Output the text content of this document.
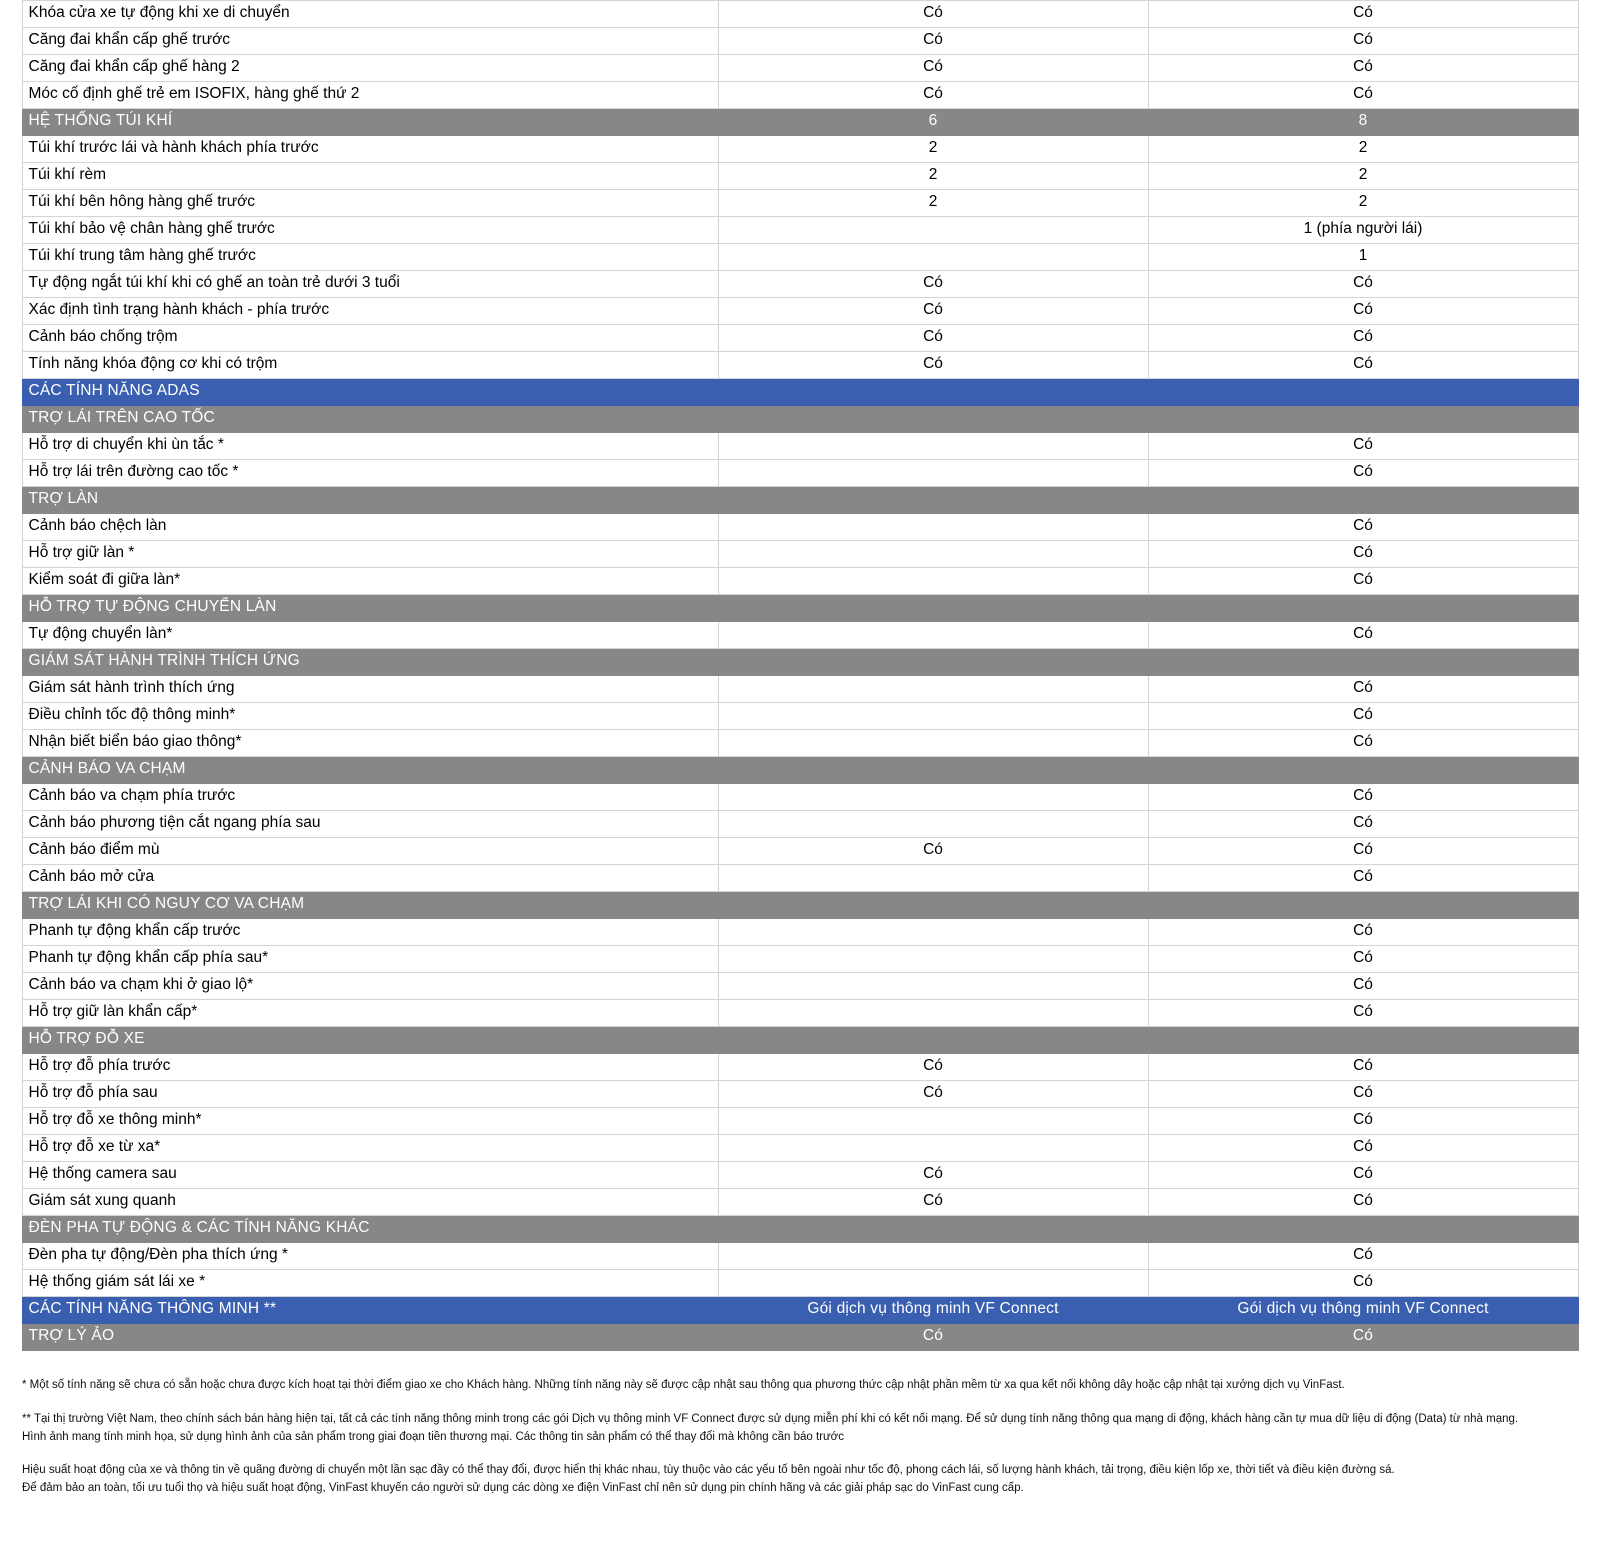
Khóa cửa xe tự động khi xe di chuyển	Có	Có
Căng đai khẩn cấp ghế trước	Có	Có
Căng đai khẩn cấp ghế hàng 2	Có	Có
Móc cố định ghế trẻ em ISOFIX, hàng ghế thứ 2	Có	Có
HỆ THỐNG TÚI KHÍ	6	8
Túi khí trước lái và hành khách phía trước	2	2
Túi khí rèm	2	2
Túi khí bên hông hàng ghế trước	2	2
Túi khí bảo vệ chân hàng ghế trước		1 (phía người lái)
Túi khí trung tâm hàng ghế trước		1
Tự động ngắt túi khí khi có ghế an toàn trẻ dưới 3 tuổi	Có	Có
Xác định tình trạng hành khách - phía trước	Có	Có
Cảnh báo chống trộm	Có	Có
Tính năng khóa động cơ khi có trộm	Có	Có
CÁC TÍNH NĂNG ADAS		
TRỢ LÁI TRÊN CAO TỐC		
Hỗ trợ di chuyển khi ùn tắc *		Có
Hỗ trợ lái trên đường cao tốc *		Có
TRỢ LÀN		
Cảnh báo chệch làn		Có
Hỗ trợ giữ làn *		Có
Kiểm soát đi giữa làn*		Có
HỖ TRỢ TỰ ĐỘNG CHUYỂN LÀN		
Tự động chuyển làn*		Có
GIÁM SÁT HÀNH TRÌNH THÍCH ỨNG		
Giám sát hành trình thích ứng		Có
Điều chỉnh tốc độ thông minh*		Có
Nhận biết biển báo giao thông*		Có
CẢNH BÁO VA CHẠM		
Cảnh báo va chạm phía trước		Có
Cảnh báo phương tiện cắt ngang phía sau		Có
Cảnh báo điểm mù	Có	Có
Cảnh báo mở cửa		Có
TRỢ LÁI KHI CÓ NGUY CƠ VA CHẠM		
Phanh tự động khẩn cấp trước		Có
Phanh tự động khẩn cấp phía sau*		Có
Cảnh báo va chạm khi ở giao lộ*		Có
Hỗ trợ giữ làn khẩn cấp*		Có
HỖ TRỢ ĐỖ XE		
Hỗ trợ đỗ phía trước	Có	Có
Hỗ trợ đỗ phía sau	Có	Có
Hỗ trợ đỗ xe thông minh*		Có
Hỗ trợ đỗ xe từ xa*		Có
Hệ thống camera sau	Có	Có
Giám sát xung quanh	Có	Có
ĐÈN PHA TỰ ĐỘNG & CÁC TÍNH NĂNG KHÁC		
Đèn pha tự động/Đèn pha thích ứng *		Có
Hệ thống giám sát lái xe *		Có
CÁC TÍNH NĂNG THÔNG MINH **	Gói dịch vụ thông minh VF Connect	Gói dịch vụ thông minh VF Connect
TRỢ LÝ ẢO	Có	Có

* Một số tính năng sẽ chưa có sẵn hoặc chưa được kích hoạt tại thời điểm giao xe cho Khách hàng. Những tính năng này sẽ được cập nhật sau thông qua phương thức cập nhật phần mềm từ xa qua kết nối không dây hoặc cập nhật tại xưởng dịch vụ VinFast.

** Tại thị trường Việt Nam, theo chính sách bán hàng hiện tại, tất cả các tính năng thông minh trong các gói Dịch vụ thông minh VF Connect được sử dụng miễn phí khi có kết nối mạng. Để sử dụng tính năng thông qua mạng di động, khách hàng cần tự mua dữ liệu di động (Data) từ nhà mạng.

Hình ảnh mang tính minh họa, sử dụng hình ảnh của sản phẩm trong giai đoạn tiền thương mại. Các thông tin sản phẩm có thể thay đổi mà không cần báo trước

Hiệu suất hoạt động của xe và thông tin về quãng đường di chuyển một lần sạc đầy có thể thay đổi, được hiển thị khác nhau, tùy thuộc vào các yếu tố bên ngoài như tốc độ, phong cách lái, số lượng hành khách, tải trọng, điều kiện lốp xe, thời tiết và điều kiện đường sá.

Để đảm bảo an toàn, tối ưu tuổi thọ và hiệu suất hoạt động, VinFast khuyến cáo người sử dụng các dòng xe điện VinFast chỉ nên sử dụng pin chính hãng và các giải pháp sạc do VinFast cung cấp.
